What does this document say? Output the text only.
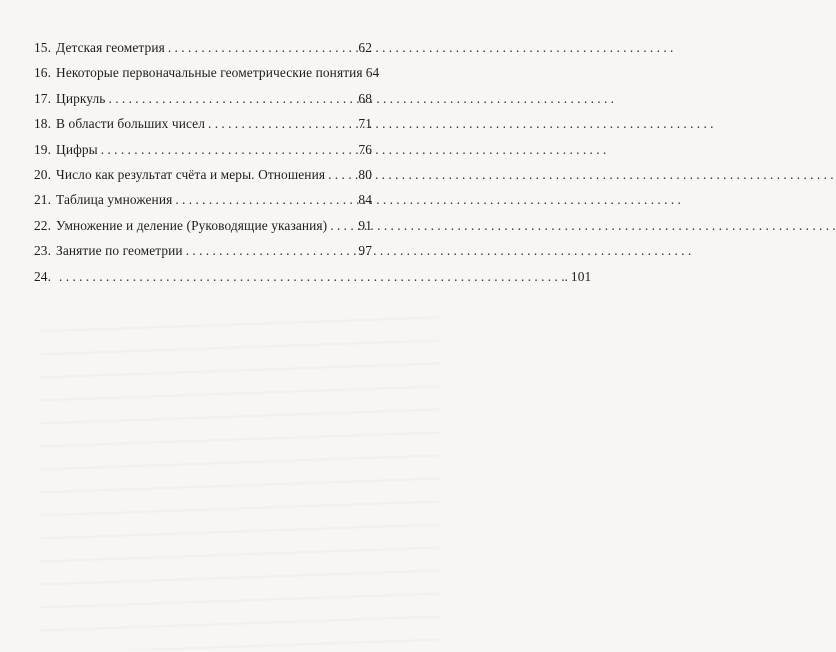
15. Детская геометрия . . .	62
16. Некоторые первоначальные геометрические понятия 64
17. Циркуль . . .	68
18. В области больших чисел . . .	71
19. Цифры . . .	76
20. Число как результат счёта и меры. Отношения . . . 80
21. Таблица умножения . . .	84
22. Умножение и деление (Руководящие указания) . . . 91
23. Занятие по геометрии . . .	97
24.	. . . . 101
